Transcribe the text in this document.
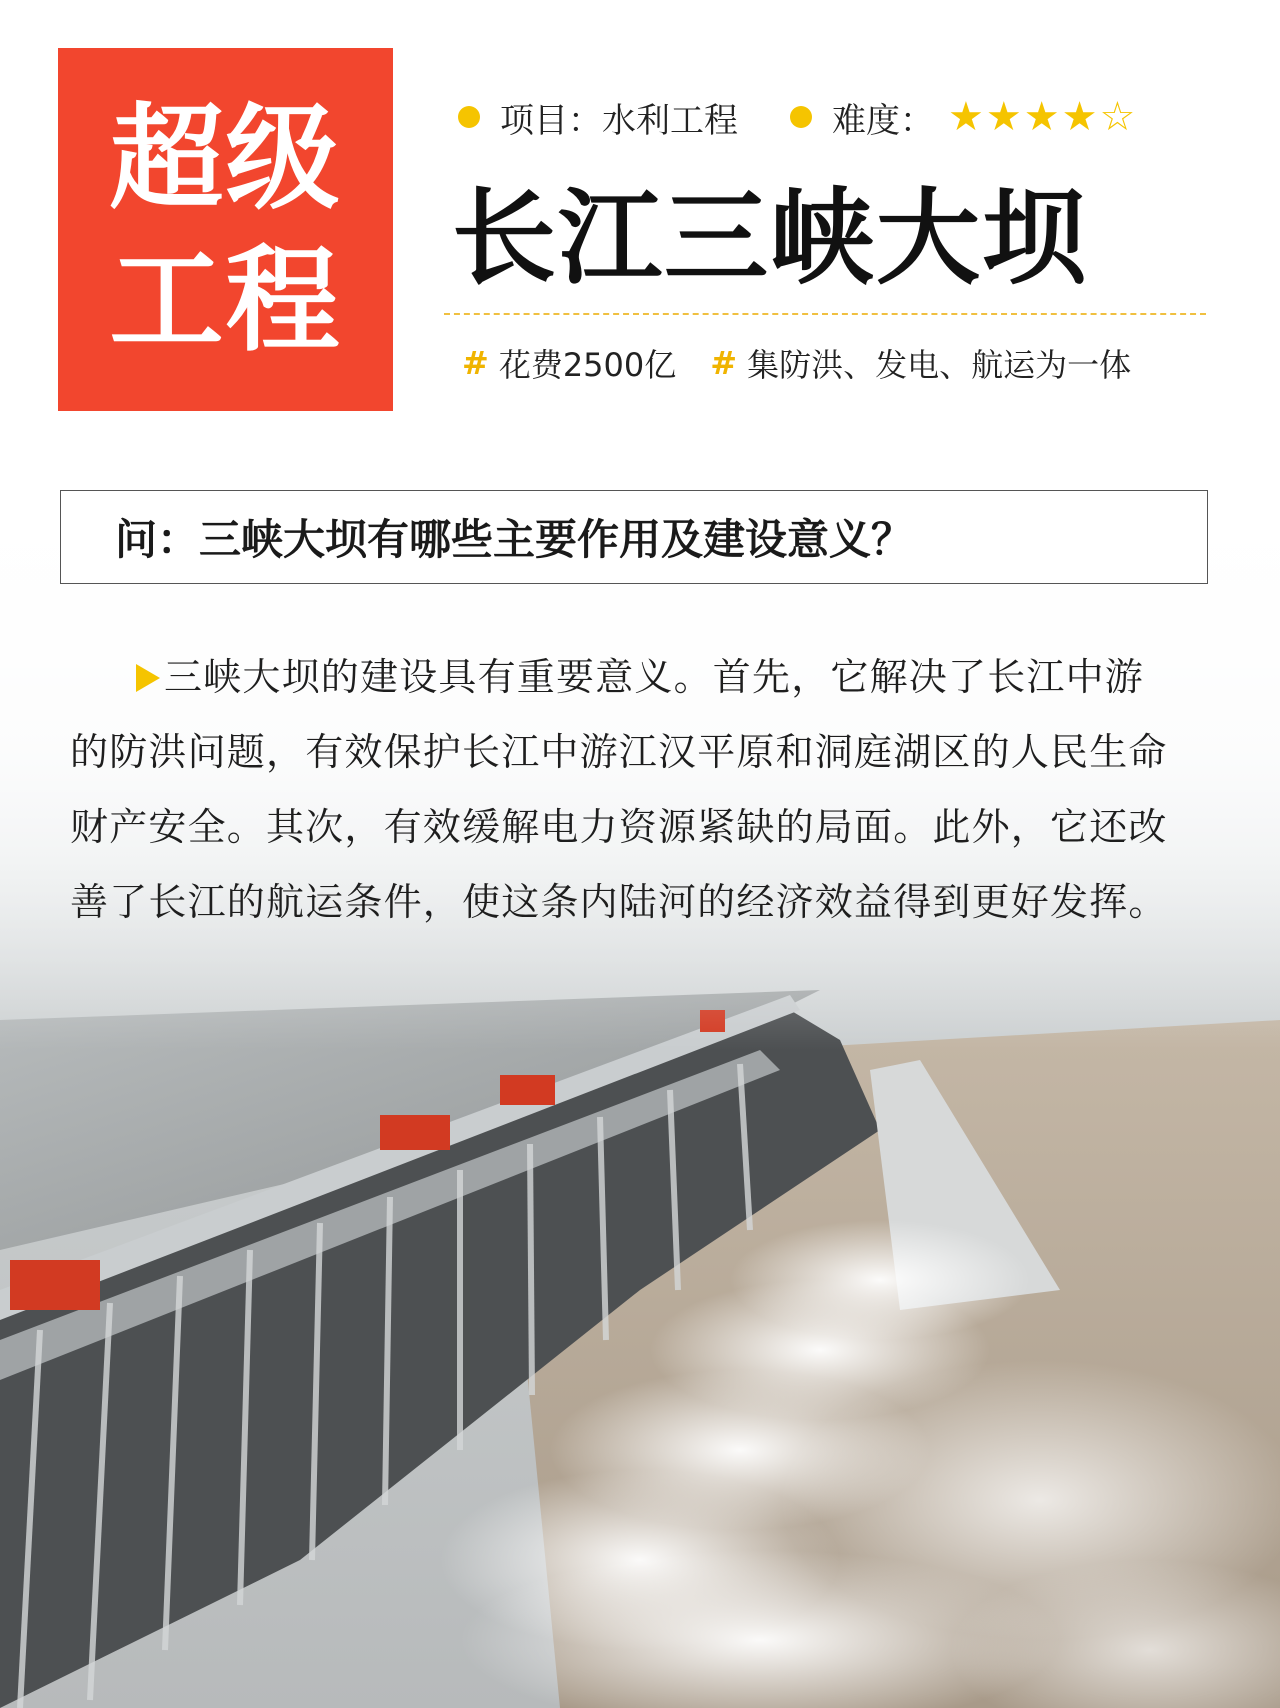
超级
工程
项目：水利工程	难度： ★ ★ ★ ★ ☆
长江三峡大坝
# 花费2500亿 # 集防洪、发电、航运为一体
问：三峡大坝有哪些主要作用及建设意义？
三峡大坝的建设具有重要意义。首先，它解决了长江中游的防洪问题，有效保护长江中游江汉平原和洞庭湖区的人民生命财产安全。其次，有效缓解电力资源紧缺的局面。此外，它还改善了长江的航运条件，使这条内陆河的经济效益得到更好发挥。
